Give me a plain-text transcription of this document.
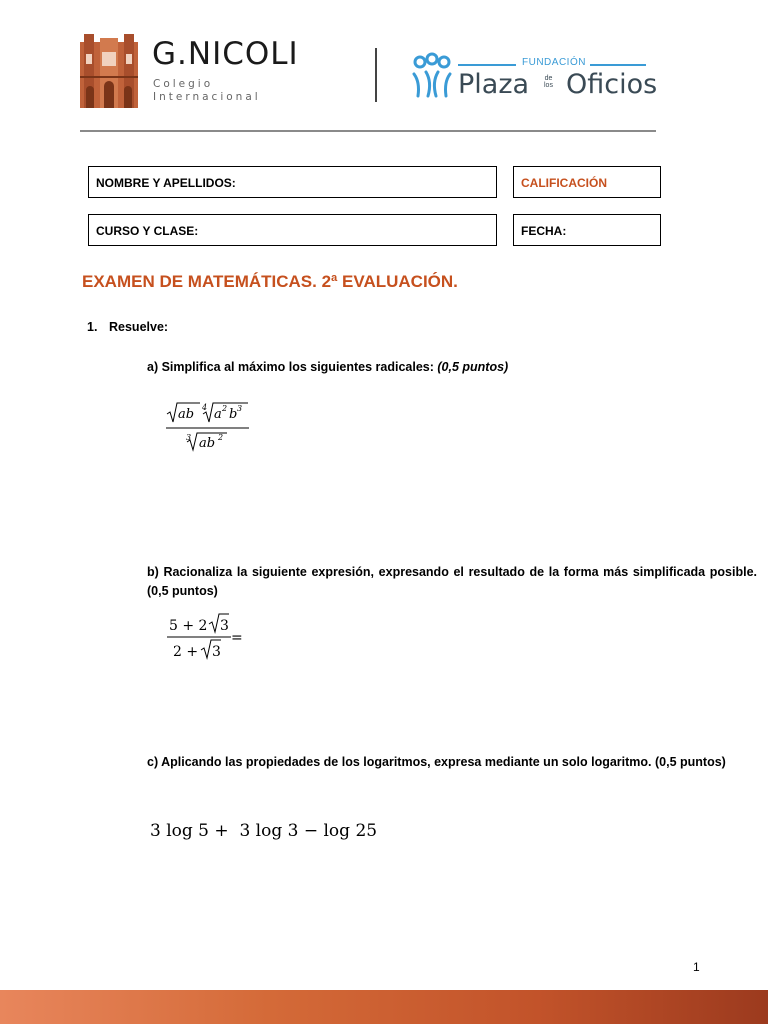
G.NICOLI
Colegio
Internacional
FUNDACIÓN
Plaza de
los Oficios
NOMBRE Y APELLIDOS:	CALIFICACIÓN
CURSO Y CLASE:	FECHA:
EXAMEN DE MATEMÁTICAS. 2ª EVALUACIÓN.
1. Resuelve:
a) Simplifica al máximo los siguientes radicales: (0,5 puntos)
ab 4 a 2 b 3
3 ab 2
b) Racionaliza la siguiente expresión, expresando el resultado de la forma más simplificada posible. (0,5 puntos)
5 + 2 3
2 + 3
=
c) Aplicando las propiedades de los logaritmos, expresa mediante un solo logaritmo. (0,5 puntos)
3 log 5 +  3 log 3 − log 25
1
